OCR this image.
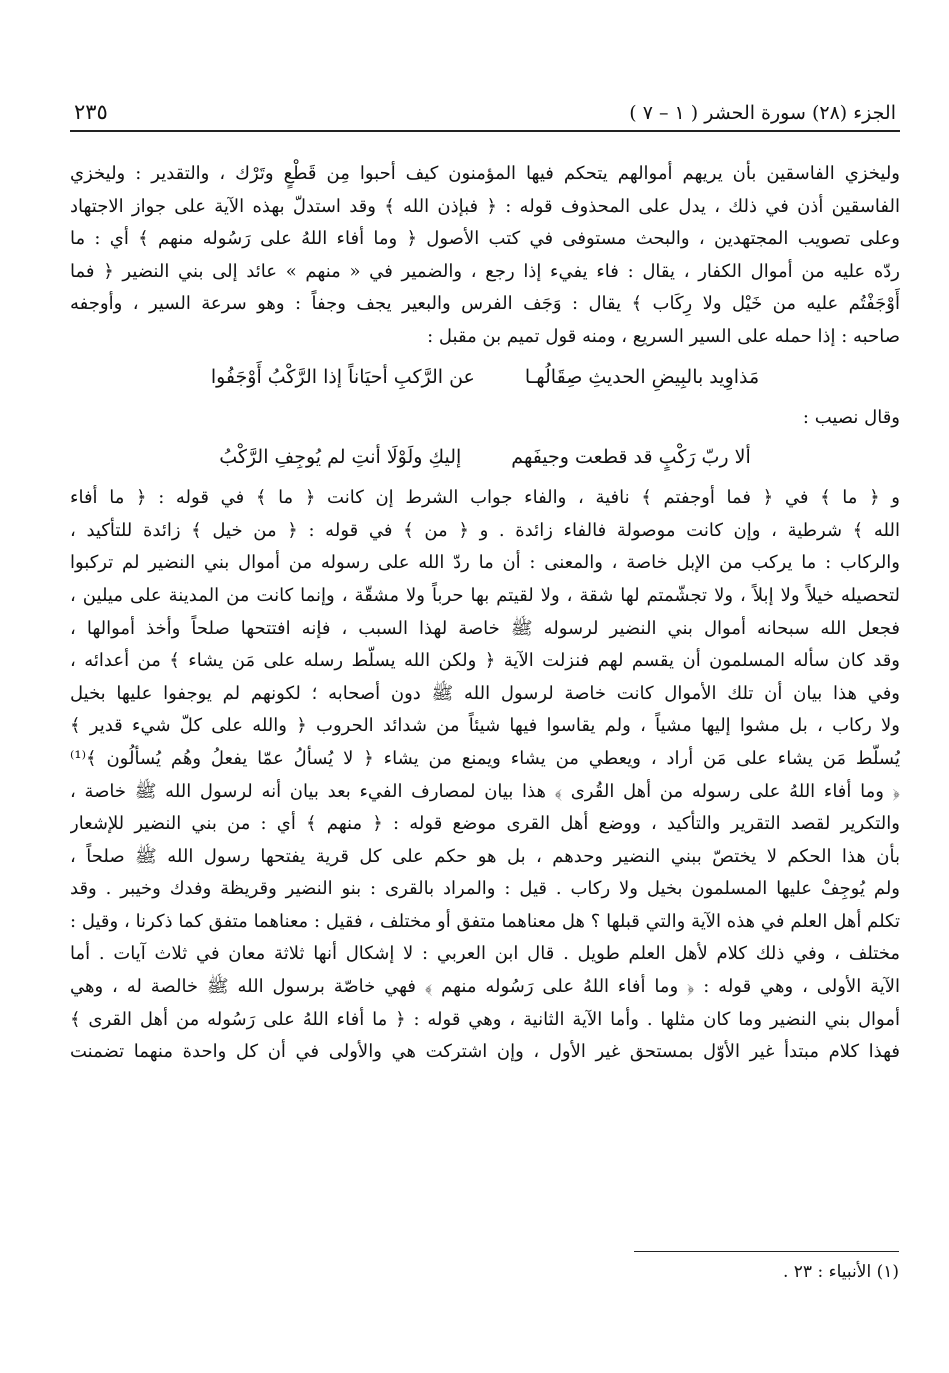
الجزء (٢٨) سورة الحشر ( ١ – ٧ )
٢٣٥
وليخزي الفاسقين بأن يريهم أموالهم يتحكم فيها المؤمنون كيف أحبوا مِن قَطْعٍ وتَرْك ، والتقدير : وليخزي
الفاسقين أذن في ذلك ، يدل على المحذوف قوله : ﴿ فبإذن الله ﴾ وقد استدلّ بهذه الآية على جواز الاجتهاد
وعلى تصويب المجتهدين ، والبحث مستوفى في كتب الأصول ﴿ وما أفاء اللهُ على رَسُوله منهم ﴾ أي : ما
ردّه عليه من أموال الكفار ، يقال : فاء يفيء إذا رجع ، والضمير في « منهم » عائد إلى بني النضير ﴿ فما
أَوْجَفْتُم عليه من خَيْل ولا رِكَاب ﴾ يقال : وَجَف الفرس والبعير يجف وجفاً : وهو سرعة السير ، وأوجفه
صاحبه : إذا حمله على السير السريع ، ومنه قول تميم بن مقبل :
مَذاوِيد بالبِيضِ الحديثِ صِقَالُهـا
عن الرَّكبِ أحيَاناً إذا الرَّكْبُ أَوْجَفُوا
وقال نصيب :
ألا ربّ رَكْبٍ قد قطعت وجيفَهم
إليكِ ولَوْلَا أنتِ لم يُوجِفِ الرَّكْبُ
و ﴿ ما ﴾ في ﴿ فما أوجفتم ﴾ نافية ، والفاء جواب الشرط إن كانت ﴿ ما ﴾ في قوله : ﴿ ما أفاء
الله ﴾ شرطية ، وإن كانت موصولة فالفاء زائدة . و ﴿ من ﴾ في قوله : ﴿ من خيل ﴾ زائدة للتأكيد ،
والركاب : ما يركب من الإبل خاصة ، والمعنى : أن ما ردّ الله على رسوله من أموال بني النضير لم تركبوا
لتحصيله خيلاً ولا إبلاً ، ولا تجشّمتم لها شقة ، ولا لقيتم بها حرباً ولا مشقّة ، وإنما كانت من المدينة على ميلين ،
فجعل الله سبحانه أموال بني النضير لرسوله ﷺ خاصة لهذا السبب ، فإنه افتتحها صلحاً وأخذ أموالها ،
وقد كان سأله المسلمون أن يقسم لهم فنزلت الآية ﴿ ولكن الله يسلّط رسله على مَن يشاء ﴾ من أعدائه ،
وفي هذا بيان أن تلك الأموال كانت خاصة لرسول الله ﷺ دون أصحابه ؛ لكونهم لم يوجفوا عليها بخيل
ولا ركاب ، بل مشوا إليها مشياً ، ولم يقاسوا فيها شيئاً من شدائد الحروب ﴿ والله على كلّ شيء قدير ﴾
يُسلّط مَن يشاء على مَن أراد ، ويعطي من يشاء ويمنع من يشاء ﴿ لا يُسألُ عمّا يفعلُ وهُم يُسألُون ﴾⁽¹⁾
﴿ وما أفاء اللهُ على رسوله من أهل القُرى ﴾ هذا بيان لمصارف الفيء بعد بيان أنه لرسول الله ﷺ خاصة ،
والتكرير لقصد التقرير والتأكيد ، ووضع أهل القرى موضع قوله : ﴿ منهم ﴾ أي : من بني النضير للإشعار
بأن هذا الحكم لا يختصّ ببني النضير وحدهم ، بل هو حكم على كل قرية يفتحها رسول الله ﷺ صلحاً ،
ولم يُوجِفْ عليها المسلمون بخيل ولا ركاب . قيل : والمراد بالقرى : بنو النضير وقريظة وفدك وخيبر . وقد
تكلم أهل العلم في هذه الآية والتي قبلها ؟ هل معناهما متفق أو مختلف ، فقيل : معناهما متفق كما ذكرنا ، وقيل :
مختلف ، وفي ذلك كلام لأهل العلم طويل . قال ابن العربي : لا إشكال أنها ثلاثة معان في ثلاث آيات . أما
الآية الأولى ، وهي قوله : ﴿ وما أفاء اللهُ على رَسُوله منهم ﴾ فهي خاصّة برسول الله ﷺ خالصة له ، وهي
أموال بني النضير وما كان مثلها . وأما الآية الثانية ، وهي قوله : ﴿ ما أفاء اللهُ على رَسُوله من أهل القرى ﴾
فهذا كلام مبتدأ غير الأوّل بمستحق غير الأول ، وإن اشتركت هي والأولى في أن كل واحدة منهما تضمنت
(١) الأنبياء : ٢٣ .
